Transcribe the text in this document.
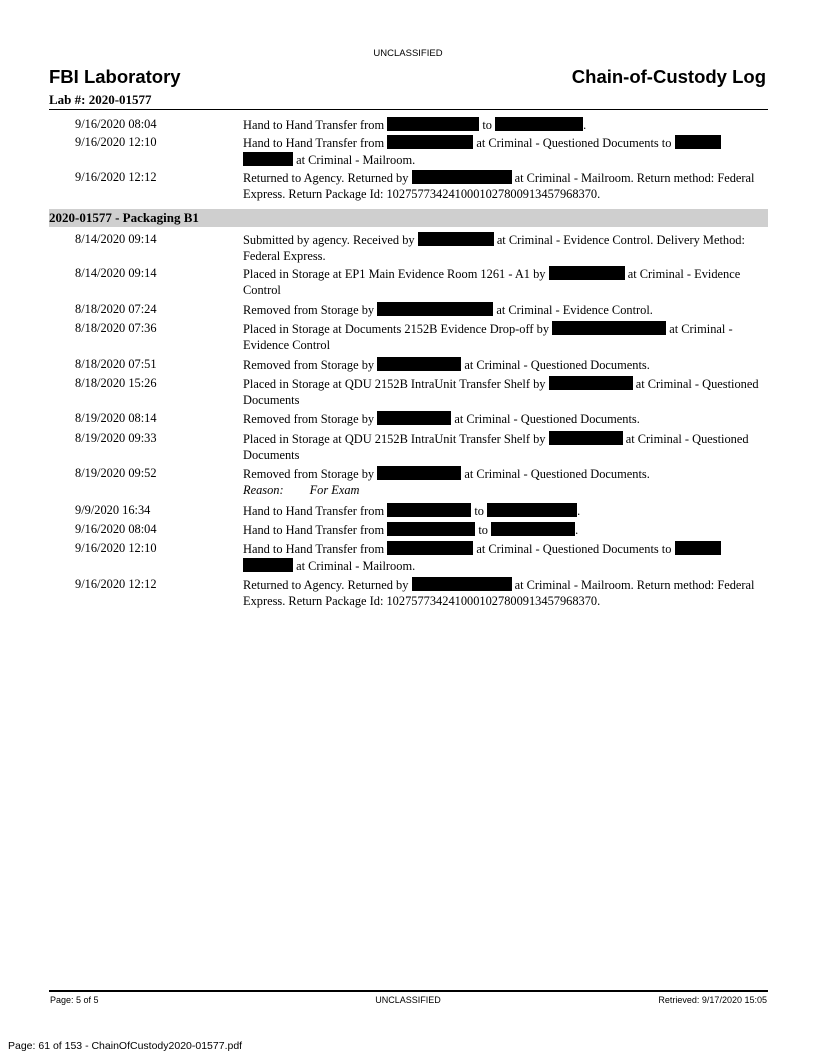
UNCLASSIFIED
FBI Laboratory	Chain-of-Custody Log
Lab #: 2020-01577
9/16/2020 08:04	Hand to Hand Transfer from	to	.
9/16/2020 12:10	Hand to Hand Transfer from	at Criminal - Questioned Documents to   at Criminal - Mailroom.
9/16/2020 12:12	Returned to Agency. Returned by	at Criminal - Mailroom. Return method: Federal Express. Return Package Id: 1027577342410001027800913457968370.
2020-01577 - Packaging B1
8/14/2020 09:14	Submitted by agency. Received by	at Criminal - Evidence Control. Delivery Method: Federal Express.
8/14/2020 09:14	Placed in Storage at EP1 Main Evidence Room 1261 - A1 by	at Criminal - Evidence Control
8/18/2020 07:24	Removed from Storage by	at Criminal - Evidence Control.
8/18/2020 07:36	Placed in Storage at Documents 2152B Evidence Drop-off by	at Criminal - Evidence Control
8/18/2020 07:51	Removed from Storage by	at Criminal - Questioned Documents.
8/18/2020 15:26	Placed in Storage at QDU 2152B IntraUnit Transfer Shelf by	at Criminal - Questioned Documents
8/19/2020 08:14	Removed from Storage by	at Criminal - Questioned Documents.
8/19/2020 09:33	Placed in Storage at QDU 2152B IntraUnit Transfer Shelf by	at Criminal - Questioned Documents
8/19/2020 09:52	Removed from Storage by	at Criminal - Questioned Documents.
Reason: For Exam
9/9/2020 16:34	Hand to Hand Transfer from	to	.
9/16/2020 08:04	Hand to Hand Transfer from	to	.
9/16/2020 12:10	Hand to Hand Transfer from	at Criminal - Questioned Documents to   at Criminal - Mailroom.
9/16/2020 12:12	Returned to Agency. Returned by	at Criminal - Mailroom. Return method: Federal Express. Return Package Id: 1027577342410001027800913457968370.
Page: 5 of 5	UNCLASSIFIED	Retrieved: 9/17/2020 15:05
Page: 61 of 153 - ChainOfCustody2020-01577.pdf
